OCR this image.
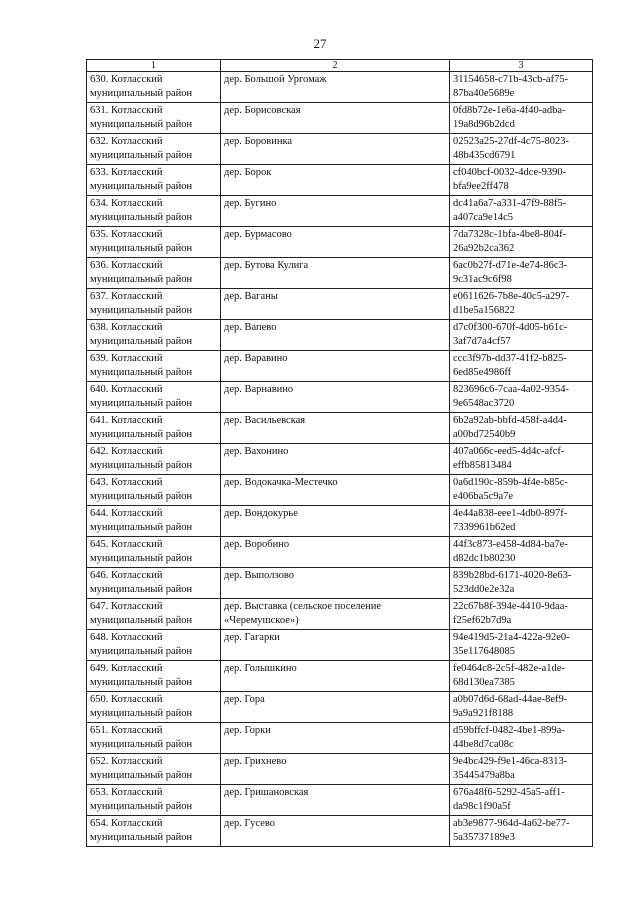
27
1	2	3

630. Котласский
муниципальный район	дер. Большой Ургомаж	31154658-c71b-43cb-af75-
87ba40e5689e

631. Котласский
муниципальный район	дер. Борисовская	0fd8b72e-1e6a-4f40-adba-
19a8d96b2dcd

632. Котласский
муниципальный район	дер. Боровинка	02523a25-27df-4c75-8023-
48b435cd6791

633. Котласский
муниципальный район	дер. Борок	cf040bcf-0032-4dce-9390-
bfa9ee2ff478

634. Котласский
муниципальный район	дер. Бугино	dc41a6a7-a331-47f9-88f5-
a407ca9e14c5

635. Котласский
муниципальный район	дер. Бурмасово	7da7328c-1bfa-4be8-804f-
26a92b2ca362

636. Котласский
муниципальный район	дер. Бутова Кулига	6ac0b27f-d71e-4e74-86c3-
9c31ac9c6f98

637. Котласский
муниципальный район	дер. Ваганы	e0611626-7b8e-40c5-a297-
d1be5a156822

638. Котласский
муниципальный район	дер. Вапево	d7c0f300-670f-4d05-b61c-
3af7d7a4cf57

639. Котласский
муниципальный район	дер. Варавино	ccc3f97b-dd37-41f2-b825-
6ed85e4986ff

640. Котласский
муниципальный район	дер. Варнавино	823696c6-7caa-4a02-9354-
9e6548ac3720

641. Котласский
муниципальный район	дер. Васильевская	6b2a92ab-bbfd-458f-a4d4-
a00bd72540b9

642. Котласский
муниципальный район	дер. Вахонино	407a066c-eed5-4d4c-afcf-
effb85813484

643. Котласский
муниципальный район	дер. Водокачка-Местечко	0a6d190c-859b-4f4e-b85c-
e406ba5c9a7e

644. Котласский
муниципальный район	дер. Вондокурье	4e44a838-eee1-4db0-897f-
7339961b62ed

645. Котласский
муниципальный район	дер. Воробино	44f3c873-e458-4d84-ba7e-
d82dc1b80230

646. Котласский
муниципальный район	дер. Выползово	839b28bd-6171-4020-8e63-
523dd0e2e32a

647. Котласский
муниципальный район	дер. Выставка (сельское поселение
«Черемушское»)	22c67b8f-394e-4410-9daa-
f25ef62b7d9a

648. Котласский
муниципальный район	дер. Гагарки	94e419d5-21a4-422a-92e0-
35e117648085

649. Котласский
муниципальный район	дер. Голышкино	fe0464c8-2c5f-482e-a1de-
68d130ea7385

650. Котласский
муниципальный район	дер. Гора	a0b07d6d-68ad-44ae-8ef9-
9a9a921f8188

651. Котласский
муниципальный район	дер. Горки	d59bffcf-0482-4be1-899a-
44be8d7ca08c

652. Котласский
муниципальный район	дер. Грихнево	9e4bc429-f9e1-46ca-8313-
35445479a8ba

653. Котласский
муниципальный район	дер. Гришановская	676a48f6-5292-45a5-aff1-
da98c1f90a5f

654. Котласский
муниципальный район	дер. Гусево	ab3e9877-964d-4a62-be77-
5a35737189e3
